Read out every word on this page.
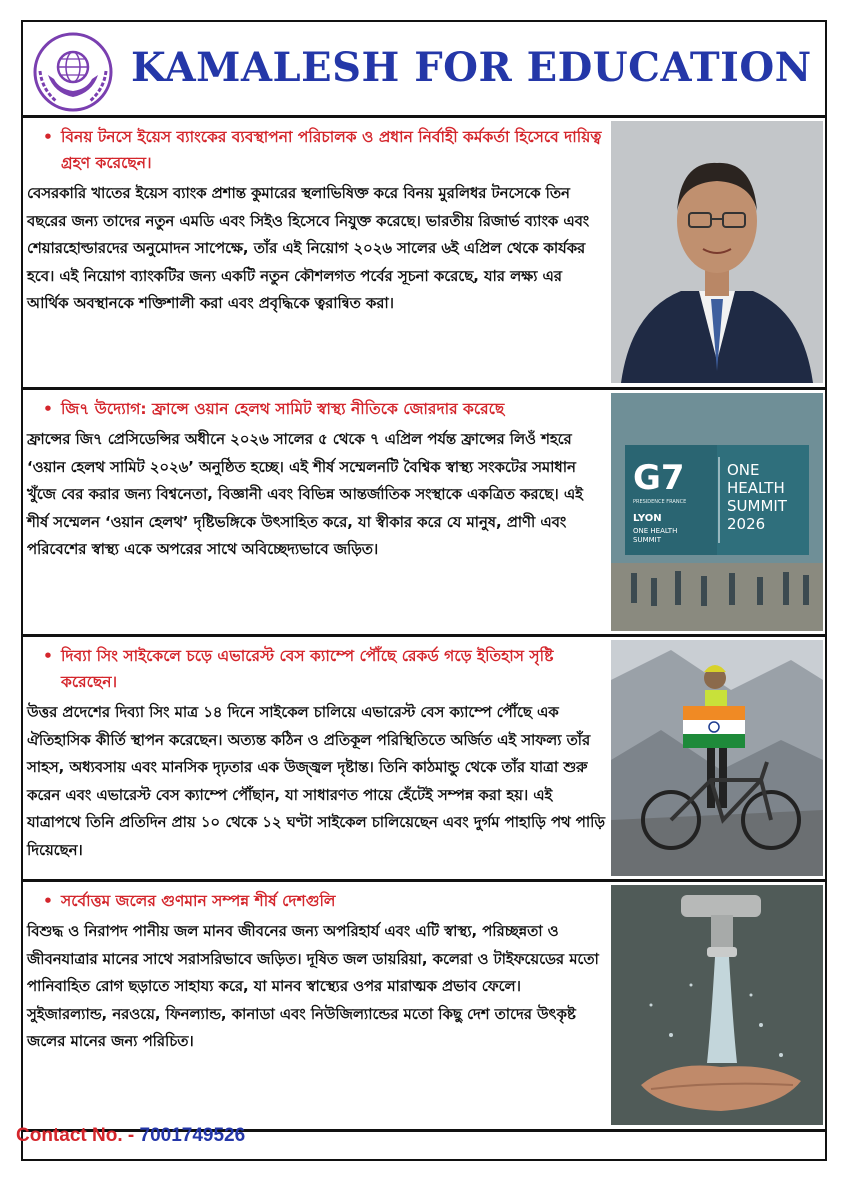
KAMALESH FOR EDUCATION

• বিনয় টনসে ইয়েস ব্যাংকের ব্যবস্থাপনা পরিচালক ও প্রধান নির্বাহী কর্মকর্তা হিসেবে দায়িত্ব গ্রহণ করেছেন।

বেসরকারি খাতের ইয়েস ব্যাংক প্রশান্ত কুমারের স্থলাভিষিক্ত করে বিনয় মুরলিধর টনসেকে তিন বছরের জন্য তাদের নতুন এমডি এবং সিইও হিসেবে নিযুক্ত করেছে। ভারতীয় রিজার্ভ ব্যাংক এবং শেয়ারহোল্ডারদের অনুমোদন সাপেক্ষে, তাঁর এই নিয়োগ ২০২৬ সালের ৬ই এপ্রিল থেকে কার্যকর হবে। এই নিয়োগ ব্যাংকটির জন্য একটি নতুন কৌশলগত পর্বের সূচনা করেছে, যার লক্ষ্য এর আর্থিক অবস্থানকে শক্তিশালী করা এবং প্রবৃদ্ধিকে ত্বরান্বিত করা।

• জি৭ উদ্যোগ: ফ্রান্সে ওয়ান হেলথ সামিট স্বাস্থ্য নীতিকে জোরদার করেছে

ফ্রান্সের জি৭ প্রেসিডেন্সির অধীনে ২০২৬ সালের ৫ থেকে ৭ এপ্রিল পর্যন্ত ফ্রান্সের লিওঁ শহরে ‘ওয়ান হেলথ সামিট ২০২৬’ অনুষ্ঠিত হচ্ছে। এই শীর্ষ সম্মেলনটি বৈশ্বিক স্বাস্থ্য সংকটের সমাধান খুঁজে বের করার জন্য বিশ্বনেতা, বিজ্ঞানী এবং বিভিন্ন আন্তর্জাতিক সংস্থাকে একত্রিত করছে। এই শীর্ষ সম্মেলন ‘ওয়ান হেলথ’ দৃষ্টিভঙ্গিকে উৎসাহিত করে, যা স্বীকার করে যে মানুষ, প্রাণী এবং পরিবেশের স্বাস্থ্য একে অপরের সাথে অবিচ্ছেদ্যভাবে জড়িত।

G7
PRESIDENCE FRANCE
LYON
ONE HEALTH
SUMMIT
ONE
HEALTH
SUMMIT
2026

• দিব্যা সিং সাইকেলে চড়ে এভারেস্ট বেস ক্যাম্পে পৌঁছে রেকর্ড গড়ে ইতিহাস সৃষ্টি করেছেন।

উত্তর প্রদেশের দিব্যা সিং মাত্র ১৪ দিনে সাইকেল চালিয়ে এভারেস্ট বেস ক্যাম্পে পৌঁছে এক ঐতিহাসিক কীর্তি স্থাপন করেছেন। অত্যন্ত কঠিন ও প্রতিকূল পরিস্থিতিতে অর্জিত এই সাফল্য তাঁর সাহস, অধ্যবসায় এবং মানসিক দৃঢ়তার এক উজ্জ্বল দৃষ্টান্ত। তিনি কাঠমান্ডু থেকে তাঁর যাত্রা শুরু করেন এবং এভারেস্ট বেস ক্যাম্পে পৌঁছান, যা সাধারণত পায়ে হেঁটেই সম্পন্ন করা হয়। এই যাত্রাপথে তিনি প্রতিদিন প্রায় ১০ থেকে ১২ ঘণ্টা সাইকেল চালিয়েছেন এবং দুর্গম পাহাড়ি পথ পাড়ি দিয়েছেন।

• সর্বোত্তম জলের গুণমান সম্পন্ন শীর্ষ দেশগুলি

বিশুদ্ধ ও নিরাপদ পানীয় জল মানব জীবনের জন্য অপরিহার্য এবং এটি স্বাস্থ্য, পরিচ্ছন্নতা ও জীবনযাত্রার মানের সাথে সরাসরিভাবে জড়িত। দূষিত জল ডায়রিয়া, কলেরা ও টাইফয়েডের মতো পানিবাহিত রোগ ছড়াতে সাহায্য করে, যা মানব স্বাস্থ্যের ওপর মারাত্মক প্রভাব ফেলে। সুইজারল্যান্ড, নরওয়ে, ফিনল্যান্ড, কানাডা এবং নিউজিল্যান্ডের মতো কিছু দেশ তাদের উৎকৃষ্ট জলের মানের জন্য পরিচিত।

Contact No. - 7001749526
